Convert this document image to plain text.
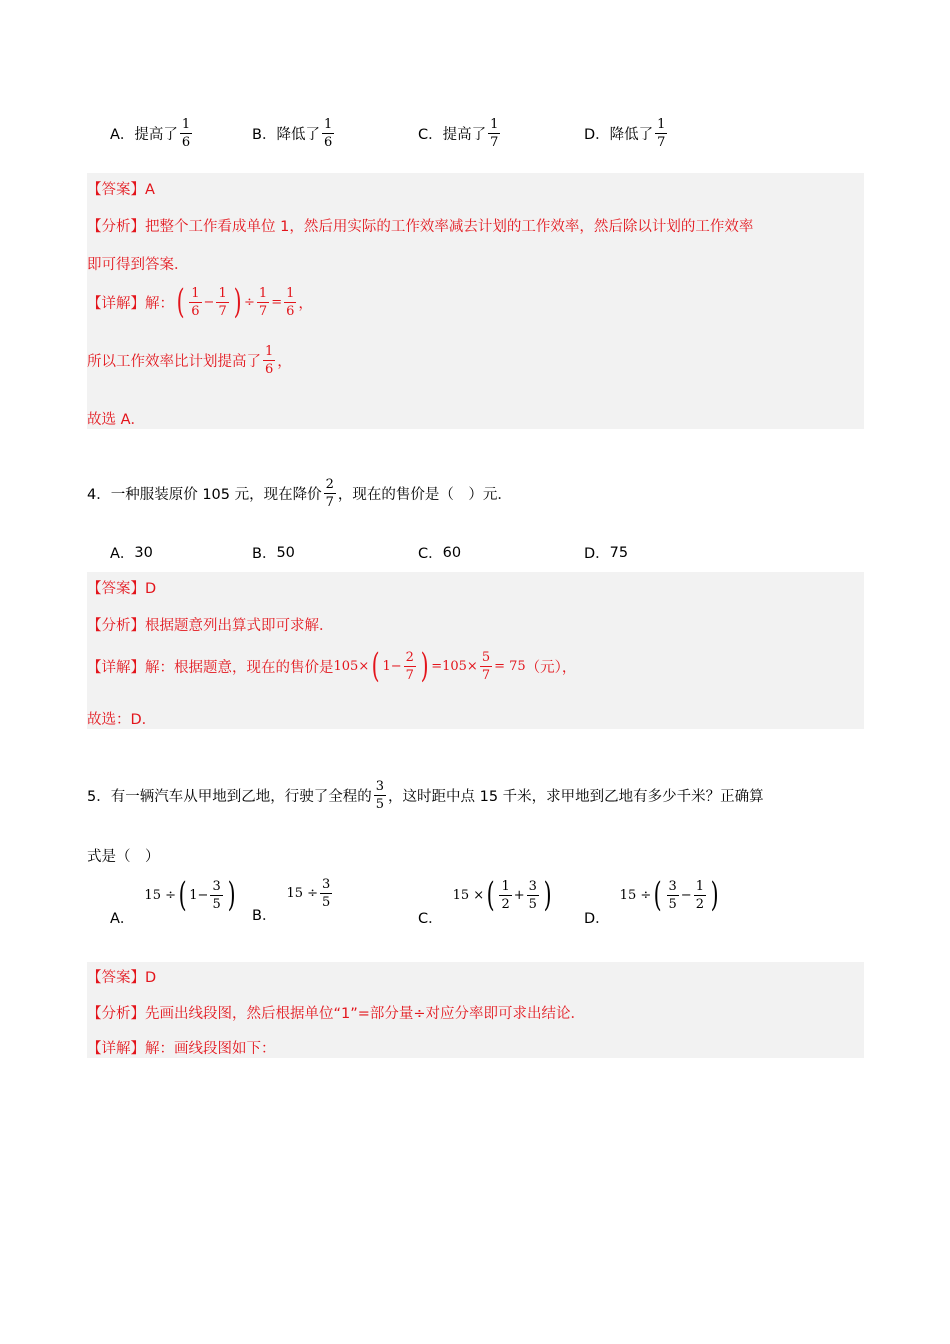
A． 提高了 $\frac{1}{6}$	B． 降低了 $\frac{1}{6}$	C． 提高了 $\frac{1}{7}$	D． 降低了 $\frac{1}{7}$
【答案】A
【分析】 把整个工作看成单位 1，然后用实际的工作效率减去计划的工作效率，然后除以计划的工作效率
即可得到答案．
【详解】 解： ( $\frac{1}{6} - \frac{1}{7}$ ) ÷ $\frac{1}{7} = \frac{1}{6}$ ，
所以工作效率比计划提高了 $\frac{1}{6}$ ，
故选 A．
4．一种服装原价 105 元，现在降价 $\frac{2}{7}$ ，现在的售价是（　）元．
A． 30	B． 50	C． 60	D． 75
【答案】D
【分析】 根据题意列出算式即可求解．
【详解】 解：根据题意，现在的售价是 105× ( $1- \frac{2}{7}$ ) $=105\times \frac{5}{7} = 75$ （元），
故选：D．
5．有一辆汽车从甲地到乙地，行驶了全程的 $\frac{3}{5}$ ，这时距中点 15 千米，求甲地到乙地有多少千米？正确算
式是（　）
A．
15 ÷ ( $1- \frac{3}{5}$ )
B．
$15 \div \frac{3}{5}$
C．
15 × ( $\frac{1}{2} + \frac{3}{5}$ )
D．
15 ÷ ( $\frac{3}{5} - \frac{1}{2}$ )
【答案】D
【分析】 先画出线段图，然后根据单位“1”=部分量÷对应分率即可求出结论．
【详解】 解：画线段图如下：
